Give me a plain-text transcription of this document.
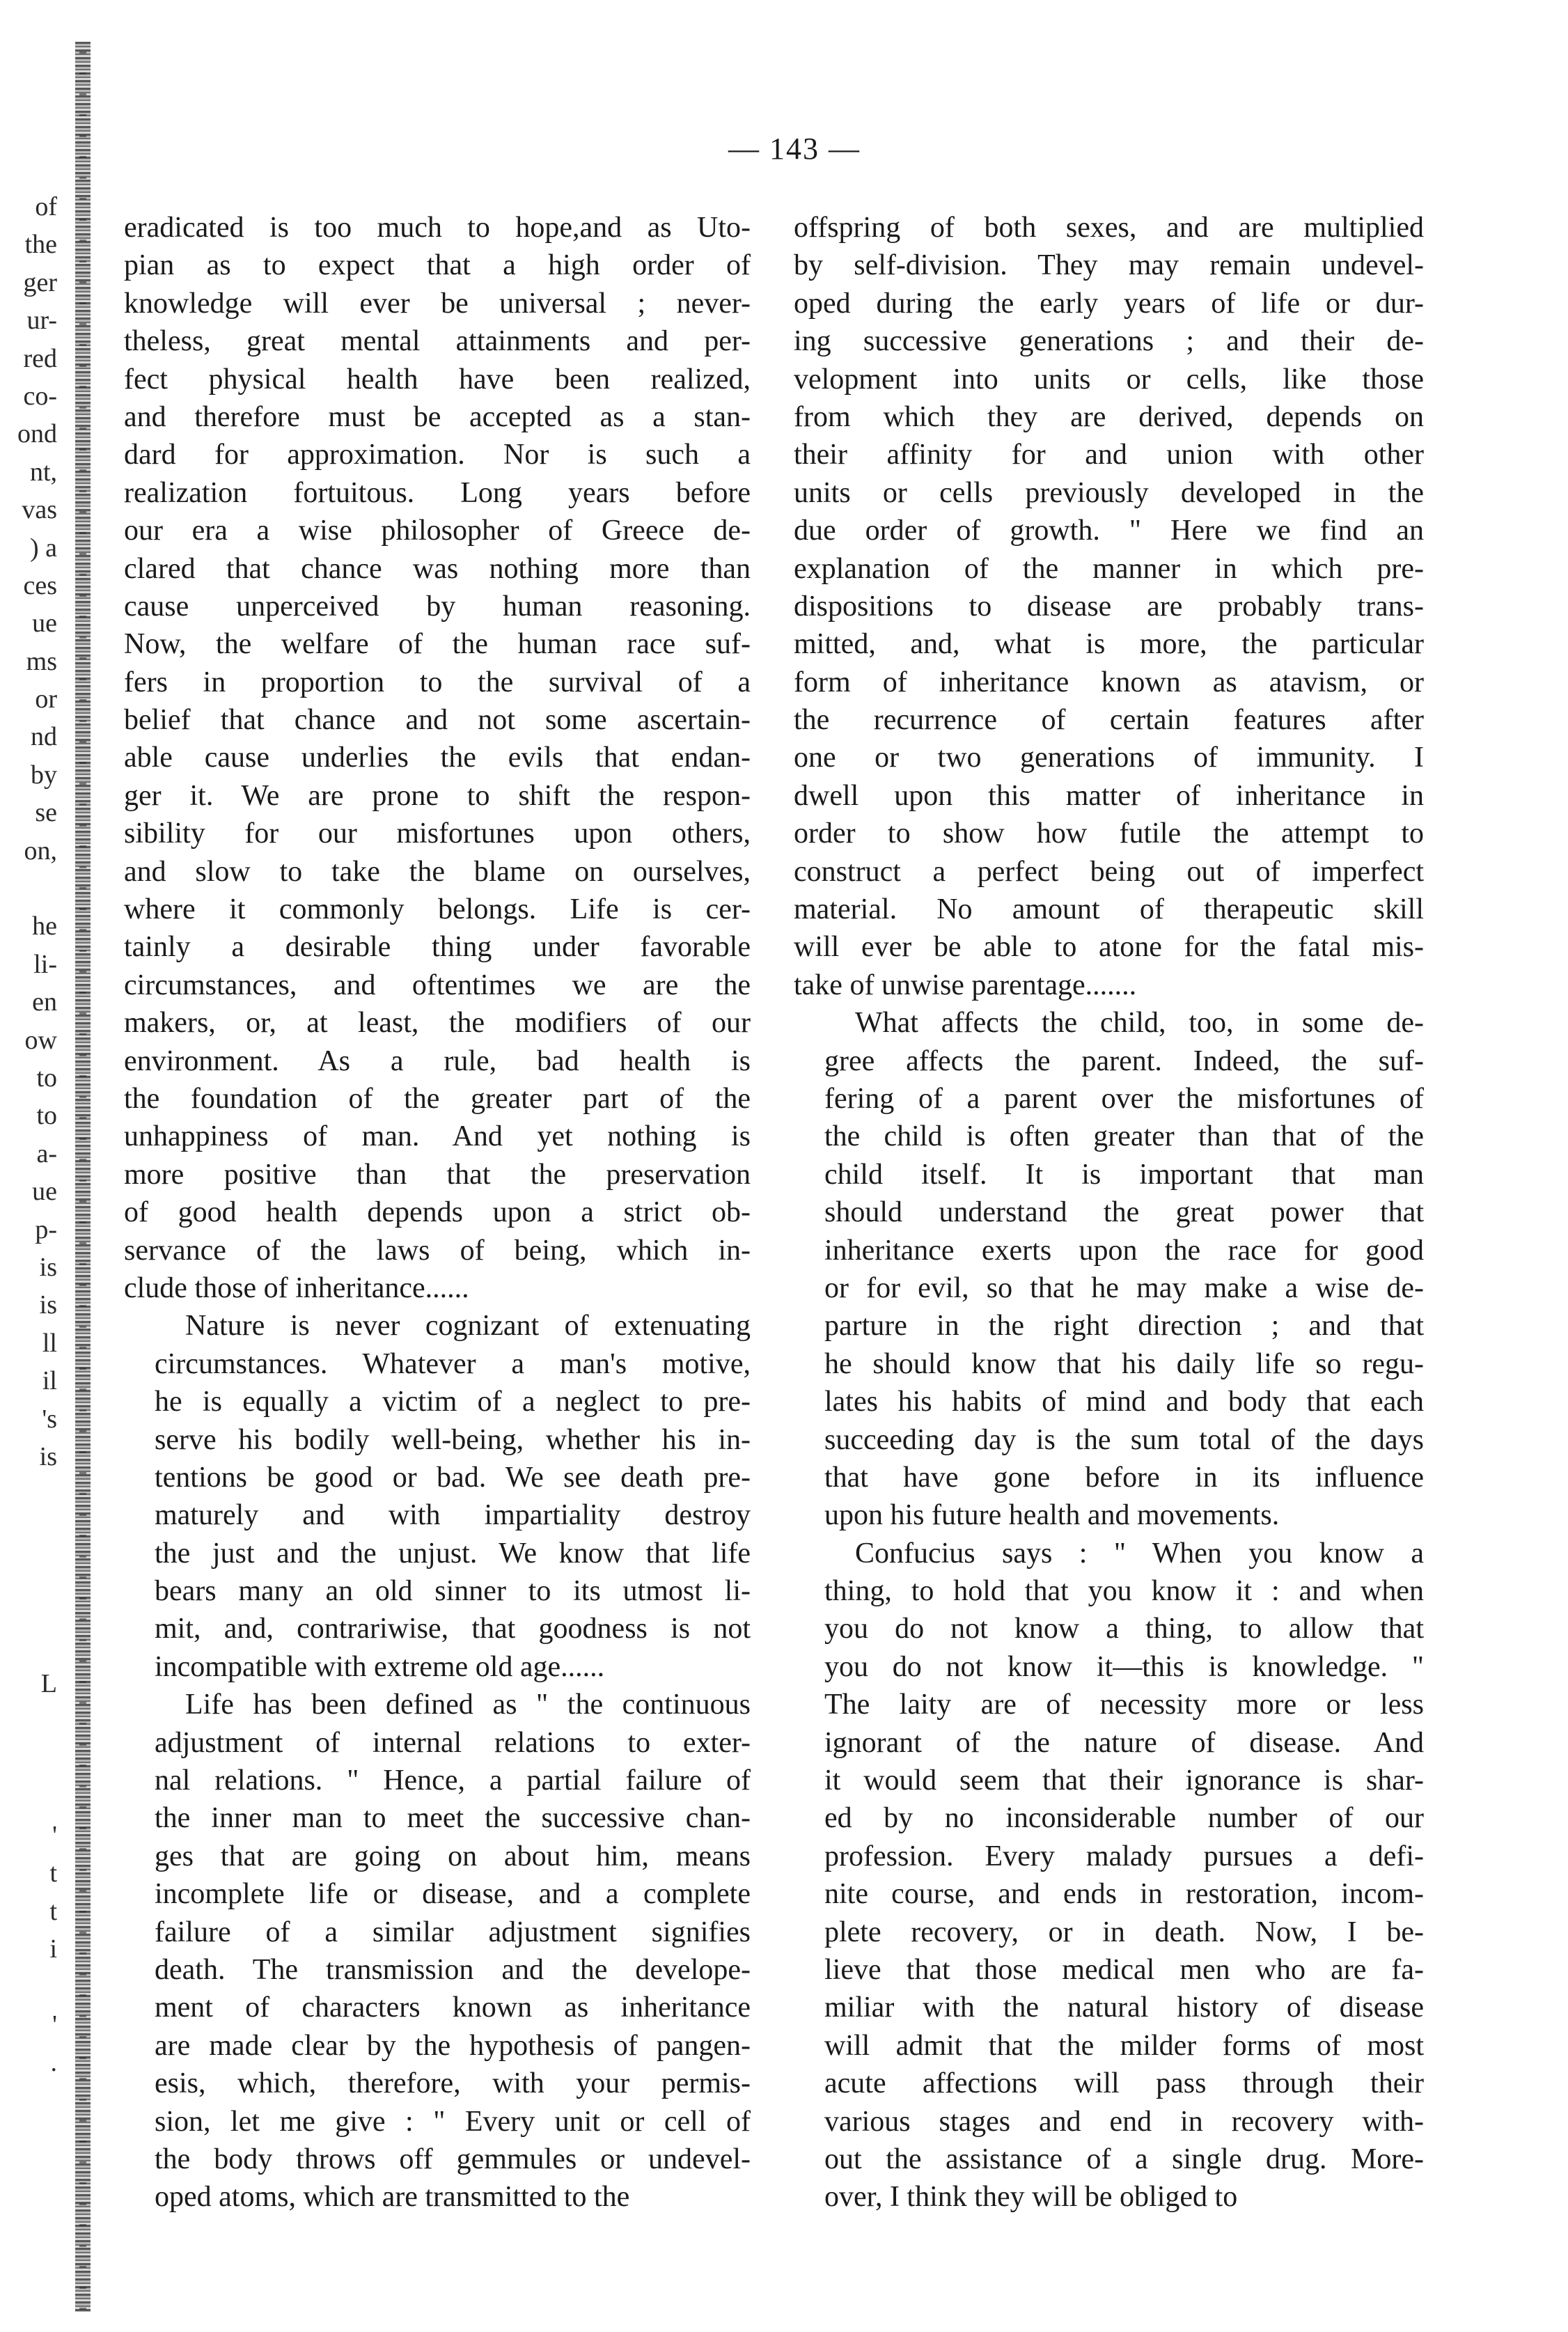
of
the
ger
ur-
red
co-
ond
nt,
vas
) a
ces
ue
ms
or
nd
by
se
on,
he
li-
en
ow
to
to
a-
ue
p-
is
is
ll
il
's
is
L
'
t
t
i
'
.
— 143 —

eradicated is too much to hope,and as Uto-
pian as to expect that a high order of
knowledge will ever be universal ; never-
theless, great mental attainments and per-
fect physical health have been realized,
and therefore must be accepted as a stan-
dard for approximation. Nor is such a
realization fortuitous. Long years before
our era a wise philosopher of Greece de-
clared that chance was nothing more than
cause unperceived by human reasoning.
Now, the welfare of the human race suf-
fers in proportion to the survival of a
belief that chance and not some ascertain-
able cause underlies the evils that endan-
ger it. We are prone to shift the respon-
sibility for our misfortunes upon others,
and slow to take the blame on ourselves,
where it commonly belongs. Life is cer-
tainly a desirable thing under favorable
circumstances, and oftentimes we are the
makers, or, at least, the modifiers of our
environment. As a rule, bad health is
the foundation of the greater part of the
unhappiness of man. And yet nothing is
more positive than that the preservation
of good health depends upon a strict ob-
servance of the laws of being, which in-
clude those of inheritance......

Nature is never cognizant of extenuating
circumstances. Whatever a man's motive,
he is equally a victim of a neglect to pre-
serve his bodily well-being, whether his in-
tentions be good or bad. We see death pre-
maturely and with impartiality destroy
the just and the unjust. We know that life
bears many an old sinner to its utmost li-
mit, and, contrariwise, that goodness is not
incompatible with extreme old age......

Life has been defined as " the continuous
adjustment of internal relations to exter-
nal relations. " Hence, a partial failure of
the inner man to meet the successive chan-
ges that are going on about him, means
incomplete life or disease, and a complete
failure of a similar adjustment signifies
death. The transmission and the develope-
ment of characters known as inheritance
are made clear by the hypothesis of pangen-
esis, which, therefore, with your permis-
sion, let me give : " Every unit or cell of
the body throws off gemmules or undevel-
oped atoms, which are transmitted to the

offspring of both sexes, and are multiplied
by self-division. They may remain undevel-
oped during the early years of life or dur-
ing successive generations ; and their de-
velopment into units or cells, like those
from which they are derived, depends on
their affinity for and union with other
units or cells previously developed in the
due order of growth. " Here we find an
explanation of the manner in which pre-
dispositions to disease are probably trans-
mitted, and, what is more, the particular
form of inheritance known as atavism, or
the recurrence of certain features after
one or two generations of immunity. I
dwell upon this matter of inheritance in
order to show how futile the attempt to
construct a perfect being out of imperfect
material. No amount of therapeutic skill
will ever be able to atone for the fatal mis-
take of unwise parentage.......

What affects the child, too, in some de-
gree affects the parent. Indeed, the suf-
fering of a parent over the misfortunes of
the child is often greater than that of the
child itself. It is important that man
should understand the great power that
inheritance exerts upon the race for good
or for evil, so that he may make a wise de-
parture in the right direction ; and that
he should know that his daily life so regu-
lates his habits of mind and body that each
succeeding day is the sum total of the days
that have gone before in its influence
upon his future health and movements.

Confucius says : " When you know a
thing, to hold that you know it : and when
you do not know a thing, to allow that
you do not know it—this is knowledge. "
The laity are of necessity more or less
ignorant of the nature of disease. And
it would seem that their ignorance is shar-
ed by no inconsiderable number of our
profession. Every malady pursues a defi-
nite course, and ends in restoration, incom-
plete recovery, or in death. Now, I be-
lieve that those medical men who are fa-
miliar with the natural history of disease
will admit that the milder forms of most
acute affections will pass through their
various stages and end in recovery with-
out the assistance of a single drug. More-
over, I think they will be obliged to
